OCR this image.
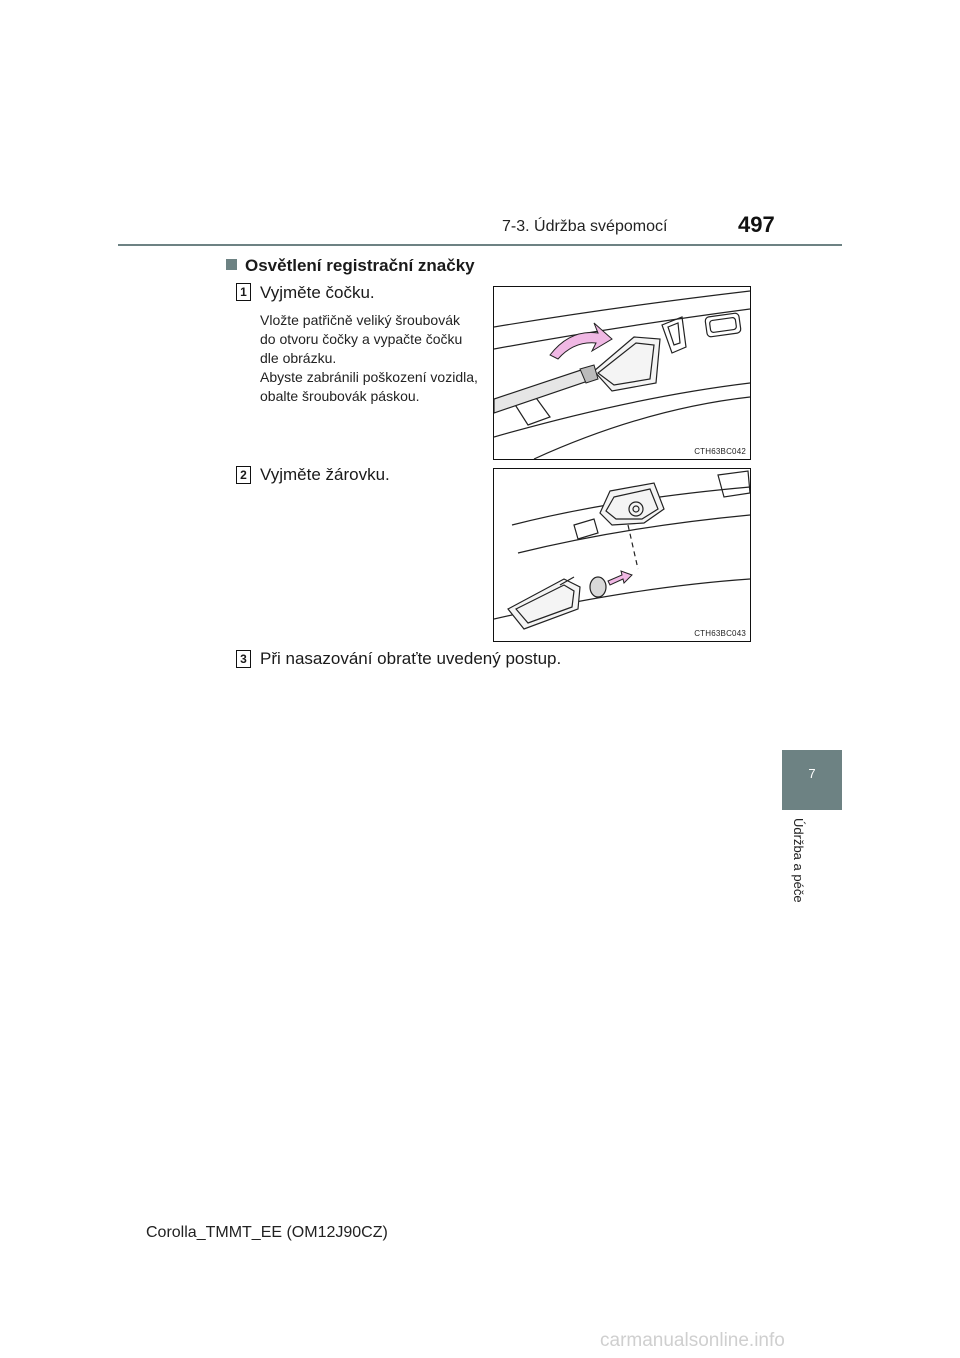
7-3. Údržba svépomocí	497
Osvětlení registrační značky
1 Vyjměte čočku.
Vložte patřičně veliký šroubovák do otvoru čočky a vypačte čočku dle obrázku.
Abyste zabránili poškození vozidla, obalte šroubovák páskou.
CTH63BC042
2 Vyjměte žárovku.
CTH63BC043
3 Při nasazování obraťte uvedený postup.
7
Údržba a péče
Corolla_TMMT_EE (OM12J90CZ)
carmanualsonline.info
